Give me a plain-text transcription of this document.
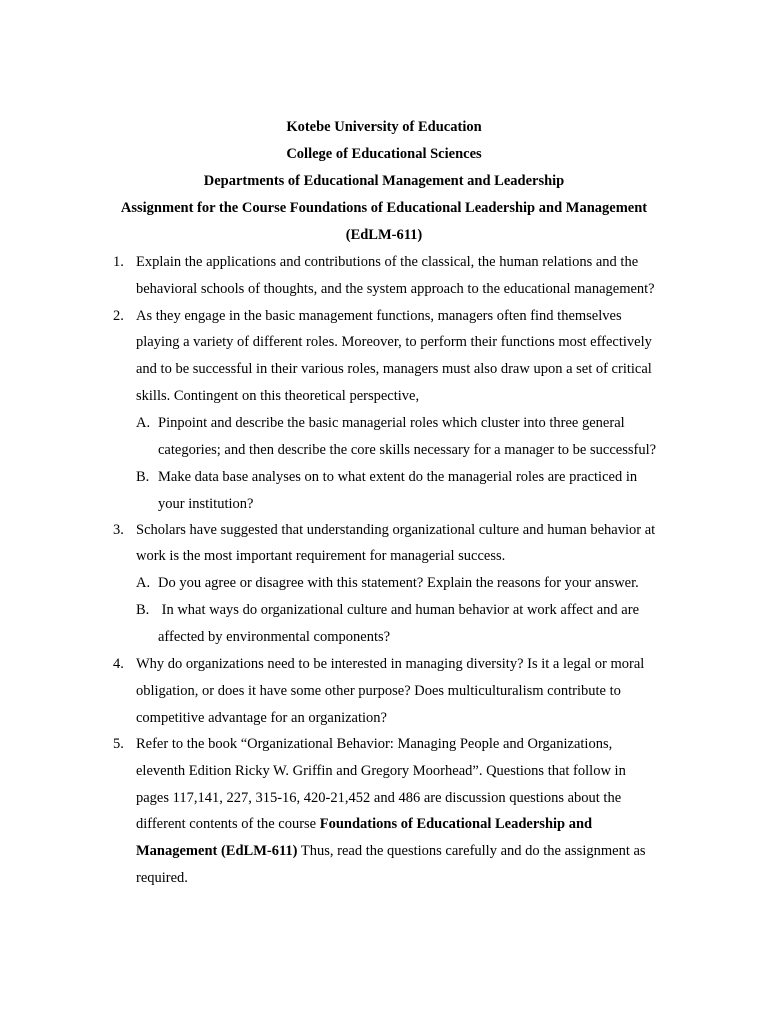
Kotebe University of Education
College of Educational Sciences
Departments of Educational Management and Leadership
Assignment for the Course Foundations of Educational Leadership and Management
(EdLM-611)
1. Explain the applications and contributions of the classical, the human relations and the
behavioral schools of thoughts, and the system approach to the educational management?
2. As they engage in the basic management functions, managers often find themselves
playing a variety of different roles. Moreover, to perform their functions most effectively
and to be successful in their various roles, managers must also draw upon a set of critical
skills. Contingent on this theoretical perspective,
A. Pinpoint and describe the basic managerial roles which cluster into three general
categories; and then describe the core skills necessary for a manager to be successful?
B. Make data base analyses on to what extent do the managerial roles are practiced in
your institution?
3. Scholars have suggested that understanding organizational culture and human behavior at
work is the most important requirement for managerial success.
A. Do you agree or disagree with this statement? Explain the reasons for your answer.
B. In what ways do organizational culture and human behavior at work affect and are
affected by environmental components?
4. Why do organizations need to be interested in managing diversity? Is it a legal or moral
obligation, or does it have some other purpose? Does multiculturalism contribute to
competitive advantage for an organization?
5. Refer to the book “Organizational Behavior: Managing People and Organizations,
eleventh Edition Ricky W. Griffin and Gregory Moorhead”. Questions that follow in
pages 117,141, 227, 315-16, 420-21,452 and 486 are discussion questions about the
different contents of the course Foundations of Educational Leadership and
Management (EdLM-611) Thus, read the questions carefully and do the assignment as
required.
